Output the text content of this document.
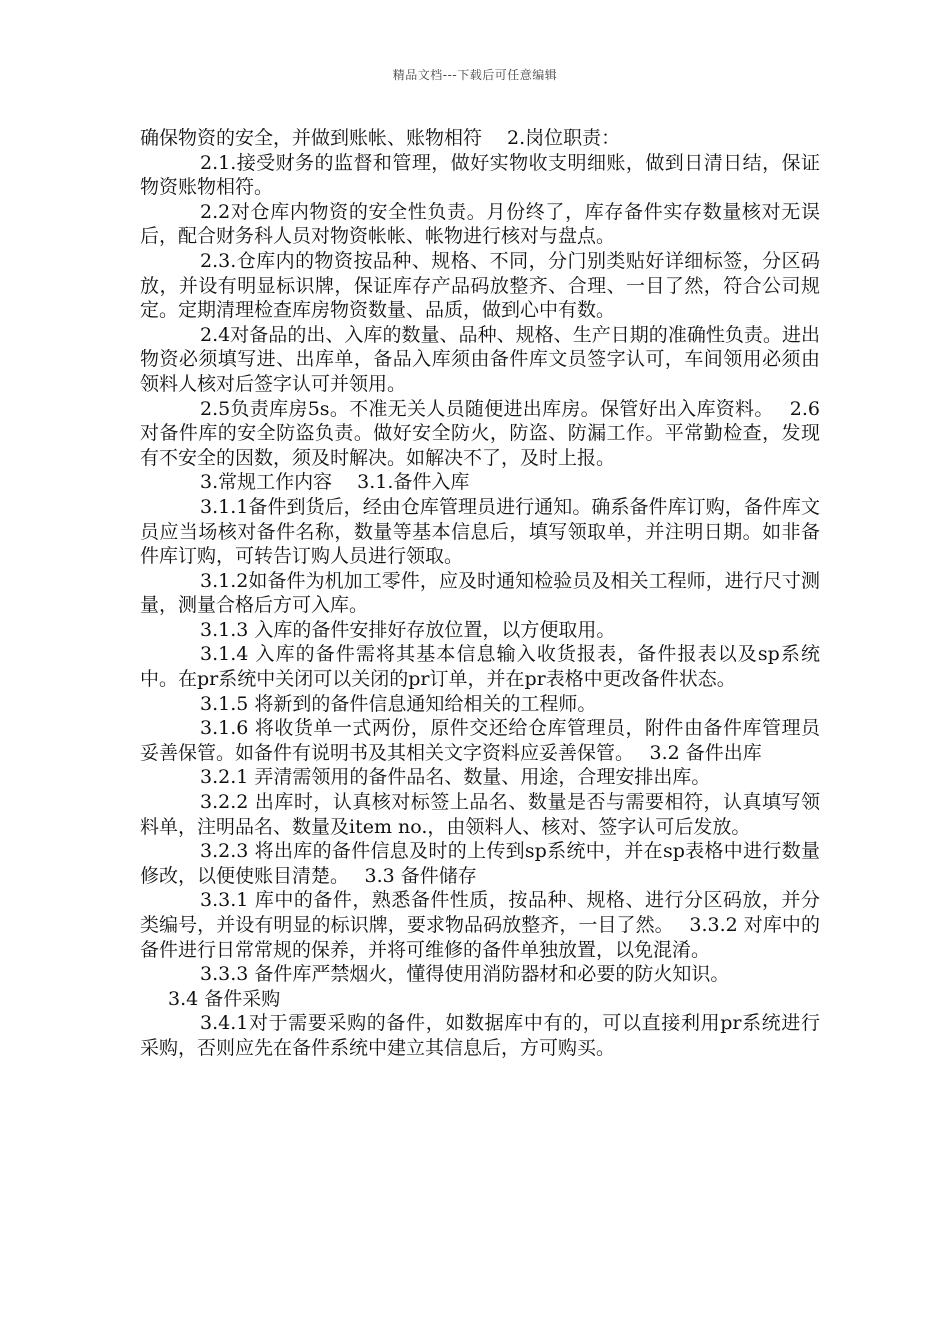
精品文档---下载后可任意编辑

确保物资的安全，并做到账帐、账物相符　 2.岗位职责：

2.1.接受财务的监督和管理，做好实物收支明细账，做到日清日结，保证物资账物相符。

2.2对仓库内物资的安全性负责。月份终了，库存备件实存数量核对无误后，配合财务科人员对物资帐帐、帐物进行核对与盘点。

2.3.仓库内的物资按品种、规格、不同，分门别类贴好详细标签，分区码放，并设有明显标识牌，保证库存产品码放整齐、合理、一目了然，符合公司规定。定期清理检查库房物资数量、品质，做到心中有数。

2.4对备品的出、入库的数量、品种、规格、生产日期的准确性负责。进出物资必须填写进、出库单，备品入库须由备件库文员签字认可，车间领用必须由领料人核对后签字认可并领用。

2.5负责库房5s。不准无关人员随便进出库房。保管好出入库资料。　 2.6对备件库的安全防盗负责。做好安全防火，防盗、防漏工作。平常勤检查，发现有不安全的因数，须及时解决。如解决不了，及时上报。

3.常规工作内容　 3.1.备件入库

3.1.1备件到货后，经由仓库管理员进行通知。确系备件库订购，备件库文员应当场核对备件名称，数量等基本信息后，填写领取单，并注明日期。如非备件库订购，可转告订购人员进行领取。

3.1.2如备件为机加工零件，应及时通知检验员及相关工程师，进行尺寸测量，测量合格后方可入库。

3.1.3 入库的备件安排好存放位置，以方便取用。

3.1.4 入库的备件需将其基本信息输入收货报表，备件报表以及sp系统中。在pr系统中关闭可以关闭的pr订单，并在pr表格中更改备件状态。

3.1.5 将新到的备件信息通知给相关的工程师。

3.1.6 将收货单一式两份，原件交还给仓库管理员，附件由备件库管理员妥善保管。如备件有说明书及其相关文字资料应妥善保管。　 3.2 备件出库

3.2.1 弄清需领用的备件品名、数量、用途，合理安排出库。

3.2.2 出库时，认真核对标签上品名、数量是否与需要相符，认真填写领料单，注明品名、数量及item no.，由领料人、核对、签字认可后发放。

3.2.3 将出库的备件信息及时的上传到sp系统中，并在sp表格中进行数量修改，以便使账目清楚。　 3.3 备件储存

3.3.1 库中的备件，熟悉备件性质，按品种、规格、进行分区码放，并分类编号，并设有明显的标识牌，要求物品码放整齐，一目了然。　 3.3.2 对库中的备件进行日常常规的保养，并将可维修的备件单独放置，以免混淆。

3.3.3 备件库严禁烟火，懂得使用消防器材和必要的防火知识。

3.4 备件采购

3.4.1对于需要采购的备件，如数据库中有的，可以直接利用pr系统进行采购，否则应先在备件系统中建立其信息后，方可购买。
